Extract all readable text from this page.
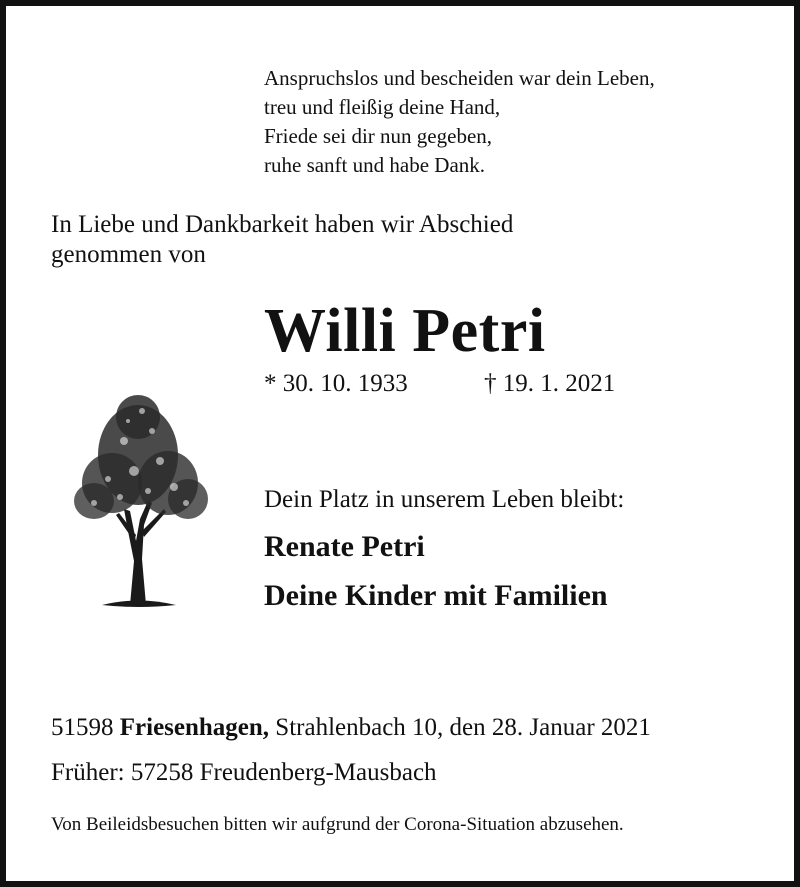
Anspruchslos und bescheiden war dein Leben,
treu und fleißig deine Hand,
Friede sei dir nun gegeben,
ruhe sanft und habe Dank.
In Liebe und Dankbarkeit haben wir Abschied
genommen von
Willi Petri
* 30. 10. 1933	† 19. 1. 2021
Dein Platz in unserem Leben bleibt:
Renate Petri
Deine Kinder mit Familien
51598 Friesenhagen, Strahlenbach 10, den 28. Januar 2021
Früher: 57258 Freudenberg-Mausbach
Von Beileidsbesuchen bitten wir aufgrund der Corona-Situation abzusehen.
